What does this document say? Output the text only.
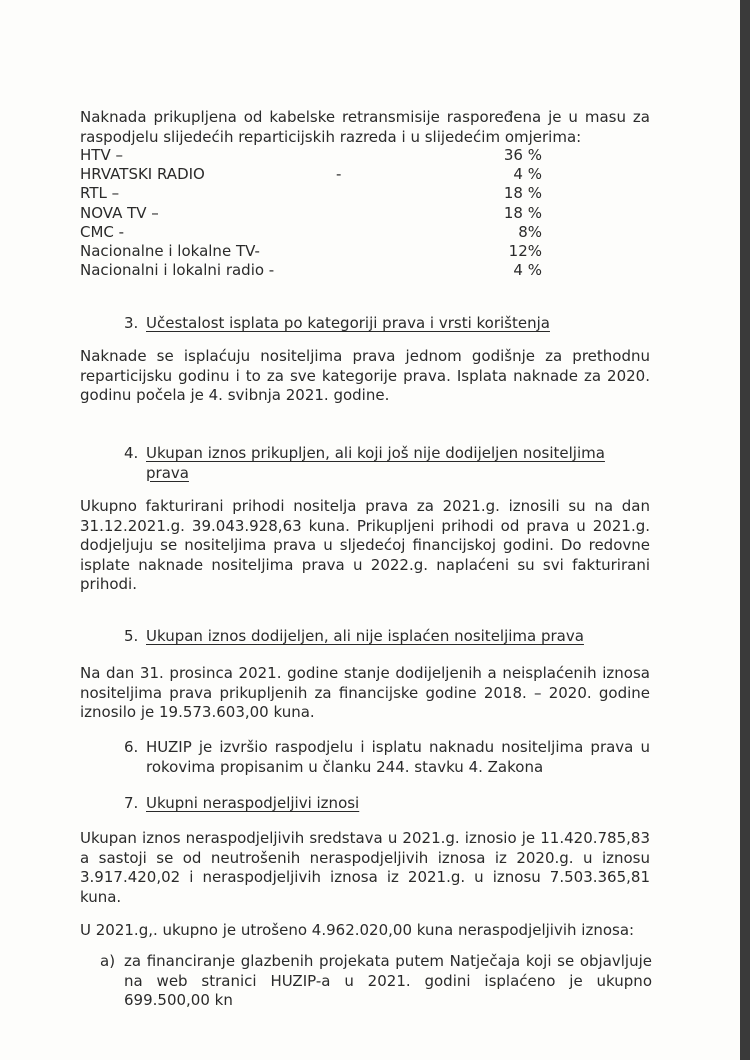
Naknada prikupljena od kabelske retransmisije raspoređena je u masu za
raspodjelu slijedećih reparticijskih razreda i u slijedećim omjerima:
HTV –	36 %
HRVATSKI RADIO	-	4 %
RTL –	18 %
NOVA TV –	18 %
CMC -	8%
Nacionalne i lokalne TV-	12%
Nacionalni i lokalni radio -	4 %
3. Učestalost isplata po kategoriji prava i vrsti korištenja
Naknade se isplaćuju nositeljima prava jednom godišnje za prethodnu
reparticijsku godinu i to za sve kategorije prava. Isplata naknade za 2020.
godinu počela je 4. svibnja 2021. godine.
4. Ukupan iznos prikupljen, ali koji još nije dodijeljen nositeljima
prava
Ukupno fakturirani prihodi nositelja prava za 2021.g. iznosili su na dan
31.12.2021.g. 39.043.928,63 kuna. Prikupljeni prihodi od prava u 2021.g.
dodjeljuju se nositeljima prava u sljedećoj financijskoj godini. Do redovne
isplate naknade nositeljima prava u 2022.g. naplaćeni su svi fakturirani
prihodi.
5. Ukupan iznos dodijeljen, ali nije isplaćen nositeljima prava
Na dan 31. prosinca 2021. godine stanje dodijeljenih a neisplaćenih iznosa
nositeljima prava prikupljenih za financijske godine 2018. – 2020. godine
iznosilo je 19.573.603,00 kuna.
6. HUZIP je izvršio raspodjelu i isplatu naknadu nositeljima prava u
rokovima propisanim u članku 244. stavku 4. Zakona
7. Ukupni neraspodjeljivi iznosi
Ukupan iznos neraspodjeljivih sredstava u 2021.g. iznosio je 11.420.785,83
a sastoji se od neutrošenih neraspodjeljivih iznosa iz 2020.g. u iznosu
3.917.420,02 i neraspodjeljivih iznosa iz 2021.g. u iznosu 7.503.365,81
kuna.
U 2021.g,. ukupno je utrošeno 4.962.020,00 kuna neraspodjeljivih iznosa:
a) za financiranje glazbenih projekata putem Natječaja koji se objavljuje
na web stranici HUZIP-a u 2021. godini isplaćeno je ukupno
699.500,00 kn
